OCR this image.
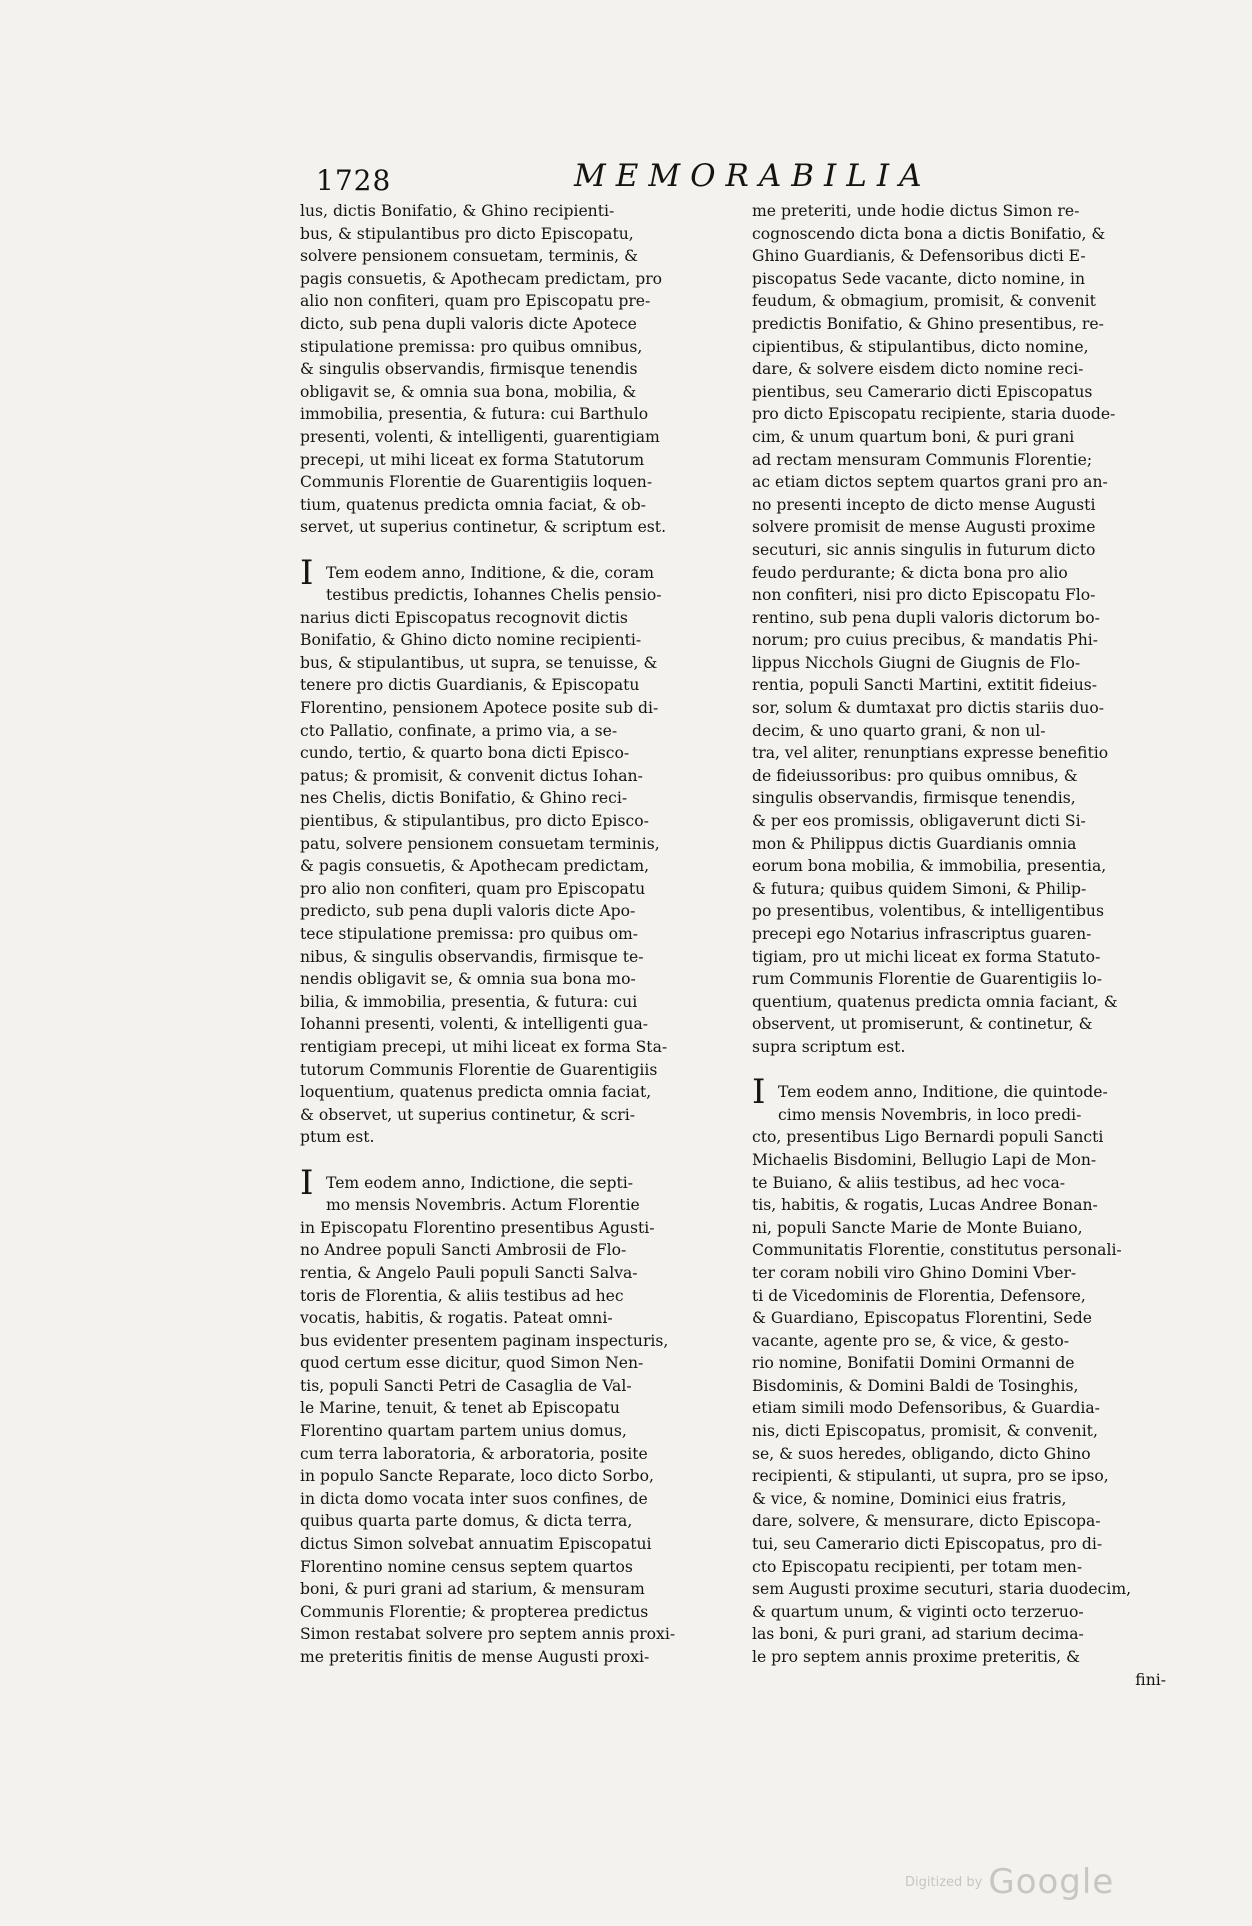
1728	MEMORABILIA
lus, dictis Bonifatio, & Ghino recipienti-
bus, & stipulantibus pro dicto Episcopatu,
solvere pensionem consuetam, terminis, &
pagis consuetis, & Apothecam predictam, pro
alio non confiteri, quam pro Episcopatu pre-
dicto, sub pena dupli valoris dicte Apotece
stipulatione premissa: pro quibus omnibus,
& singulis observandis, firmisque tenendis
obligavit se, & omnia sua bona, mobilia, &
immobilia, presentia, & futura: cui Barthulo
presenti, volenti, & intelligenti, guarentigiam
precepi, ut mihi liceat ex forma Statutorum
Communis Florentie de Guarentigiis loquen-
tium, quatenus predicta omnia faciat, & ob-
servet, ut superius continetur, & scriptum est.
I Tem eodem anno, Inditione, & die, coram
testibus predictis, Iohannes Chelis pensio-
narius dicti Episcopatus recognovit dictis
Bonifatio, & Ghino dicto nomine recipienti-
bus, & stipulantibus, ut supra, se tenuisse, &
tenere pro dictis Guardianis, & Episcopatu
Florentino, pensionem Apotece posite sub di-
cto Pallatio, confinate, a primo via, a se-
cundo, tertio, & quarto bona dicti Episco-
patus; & promisit, & convenit dictus Iohan-
nes Chelis, dictis Bonifatio, & Ghino reci-
pientibus, & stipulantibus, pro dicto Episco-
patu, solvere pensionem consuetam terminis,
& pagis consuetis, & Apothecam predictam,
pro alio non confiteri, quam pro Episcopatu
predicto, sub pena dupli valoris dicte Apo-
tece stipulatione premissa: pro quibus om-
nibus, & singulis observandis, firmisque te-
nendis obligavit se, & omnia sua bona mo-
bilia, & immobilia, presentia, & futura: cui
Iohanni presenti, volenti, & intelligenti gua-
rentigiam precepi, ut mihi liceat ex forma Sta-
tutorum Communis Florentie de Guarentigiis
loquentium, quatenus predicta omnia faciat,
& observet, ut superius continetur, & scri-
ptum est.
I Tem eodem anno, Indictione, die septi-
mo mensis Novembris. Actum Florentie
in Episcopatu Florentino presentibus Agusti-
no Andree populi Sancti Ambrosii de Flo-
rentia, & Angelo Pauli populi Sancti Salva-
toris de Florentia, & aliis testibus ad hec
vocatis, habitis, & rogatis. Pateat omni-
bus evidenter presentem paginam inspecturis,
quod certum esse dicitur, quod Simon Nen-
tis, populi Sancti Petri de Casaglia de Val-
le Marine, tenuit, & tenet ab Episcopatu
Florentino quartam partem unius domus,
cum terra laboratoria, & arboratoria, posite
in populo Sancte Reparate, loco dicto Sorbo,
in dicta domo vocata inter suos confines, de
quibus quarta parte domus, & dicta terra,
dictus Simon solvebat annuatim Episcopatui
Florentino nomine census septem quartos
boni, & puri grani ad starium, & mensuram
Communis Florentie; & propterea predictus
Simon restabat solvere pro septem annis proxi-
me preteritis finitis de mense Augusti proxi-
me preteriti, unde hodie dictus Simon re-
cognoscendo dicta bona a dictis Bonifatio, &
Ghino Guardianis, & Defensoribus dicti E-
piscopatus Sede vacante, dicto nomine, in
feudum, & obmagium, promisit, & convenit
predictis Bonifatio, & Ghino presentibus, re-
cipientibus, & stipulantibus, dicto nomine,
dare, & solvere eisdem dicto nomine reci-
pientibus, seu Camerario dicti Episcopatus
pro dicto Episcopatu recipiente, staria duode-
cim, & unum quartum boni, & puri grani
ad rectam mensuram Communis Florentie;
ac etiam dictos septem quartos grani pro an-
no presenti incepto de dicto mense Augusti
solvere promisit de mense Augusti proxime
secuturi, sic annis singulis in futurum dicto
feudo perdurante; & dicta bona pro alio
non confiteri, nisi pro dicto Episcopatu Flo-
rentino, sub pena dupli valoris dictorum bo-
norum; pro cuius precibus, & mandatis Phi-
lippus Nicchols Giugni de Giugnis de Flo-
rentia, populi Sancti Martini, extitit fideius-
sor, solum & dumtaxat pro dictis stariis duo-
decim, & uno quarto grani, & non ul-
tra, vel aliter, renunptians expresse benefitio
de fideiussoribus: pro quibus omnibus, &
singulis observandis, firmisque tenendis,
& per eos promissis, obligaverunt dicti Si-
mon & Philippus dictis Guardianis omnia
eorum bona mobilia, & immobilia, presentia,
& futura; quibus quidem Simoni, & Philip-
po presentibus, volentibus, & intelligentibus
precepi ego Notarius infrascriptus guaren-
tigiam, pro ut michi liceat ex forma Statuto-
rum Communis Florentie de Guarentigiis lo-
quentium, quatenus predicta omnia faciant, &
observent, ut promiserunt, & continetur, &
supra scriptum est.
I Tem eodem anno, Inditione, die quintode-
cimo mensis Novembris, in loco predi-
cto, presentibus Ligo Bernardi populi Sancti
Michaelis Bisdomini, Bellugio Lapi de Mon-
te Buiano, & aliis testibus, ad hec voca-
tis, habitis, & rogatis, Lucas Andree Bonan-
ni, populi Sancte Marie de Monte Buiano,
Communitatis Florentie, constitutus personali-
ter coram nobili viro Ghino Domini Vber-
ti de Vicedominis de Florentia, Defensore,
& Guardiano, Episcopatus Florentini, Sede
vacante, agente pro se, & vice, & gesto-
rio nomine, Bonifatii Domini Ormanni de
Bisdominis, & Domini Baldi de Tosinghis,
etiam simili modo Defensoribus, & Guardia-
nis, dicti Episcopatus, promisit, & convenit,
se, & suos heredes, obligando, dicto Ghino
recipienti, & stipulanti, ut supra, pro se ipso,
& vice, & nomine, Dominici eius fratris,
dare, solvere, & mensurare, dicto Episcopa-
tui, seu Camerario dicti Episcopatus, pro di-
cto Episcopatu recipienti, per totam men-
sem Augusti proxime secuturi, staria duodecim,
& quartum unum, & viginti octo terzeruo-
las boni, & puri grani, ad starium decima-
le pro septem annis proxime preteritis, &
fini-
Digitized by Google
